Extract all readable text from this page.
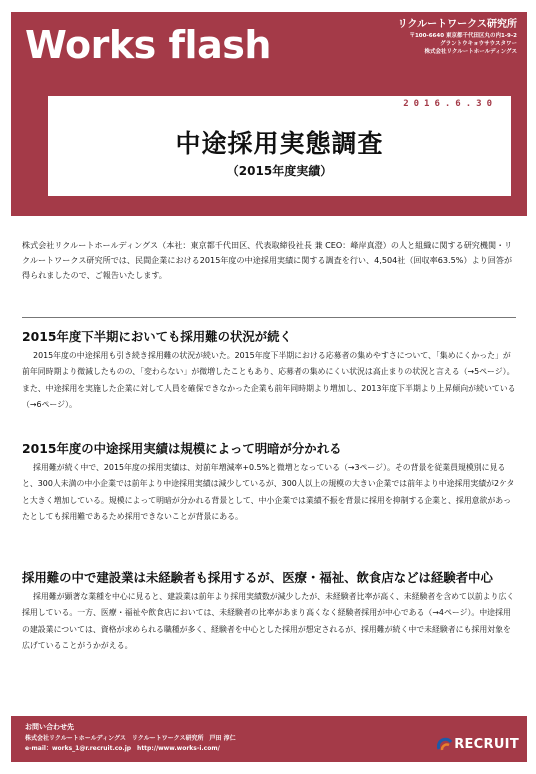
Works flash	リクルートワークス研究所
〒100-6640 東京都千代田区丸の内1-9-2
グラントウキョウサウスタワー
株式会社リクルートホールディングス
2016.6.30
中途採用実態調査
（2015年度実績）
株式会社リクルートホールディングス（本社：東京都千代田区、代表取締役社長 兼 CEO：峰岸真澄）の人と組織に関する研究機関・リクルートワークス研究所では、民間企業における2015年度の中途採用実績に関する調査を行い、4,504社（回収率63.5%）より回答が得られましたので、ご報告いたします。
2015年度下半期においても採用難の状況が続く

2015年度の中途採用も引き続き採用難の状況が続いた。2015年度下半期における応募者の集めやすさについて、「集めにくかった」が前年同時期より微減したものの、「変わらない」が微増したこともあり、応募者の集めにくい状況は高止まりの状況と言える（→5ページ）。また、中途採用を実施した企業に対して人員を確保できなかった企業も前年同時期より増加し、2013年度下半期より上昇傾向が続いている（→6ページ）。

2015年度の中途採用実績は規模によって明暗が分かれる

採用難が続く中で、2015年度の採用実績は、対前年増減率+0.5%と微増となっている（→3ページ）。その背景を従業員規模別に見ると、300人未満の中小企業では前年より中途採用実績は減少しているが、300人以上の規模の大きい企業では前年より中途採用実績が2ケタと大きく増加している。規模によって明暗が分かれる背景として、中小企業では業績不振を背景に採用を抑制する企業と、採用意欲があったとしても採用難であるため採用できないことが背景にある。

採用難の中で建設業は未経験者も採用するが、医療・福祉、飲食店などは経験者中心

採用難が顕著な業種を中心に見ると、建設業は前年より採用実績数が減少したが、未経験者比率が高く、未経験者を含めて以前より広く採用している。一方、医療・福祉や飲食店においては、未経験者の比率があまり高くなく経験者採用が中心である（→4ページ）。中途採用の建設業については、資格が求められる職種が多く、経験者を中心とした採用が想定されるが、採用難が続く中で未経験者にも採用対象を広げていることがうかがえる。

お問い合わせ先
株式会社リクルートホールディングス　リクルートワークス研究所　戸田 淳仁
e-mail：works_1@r.recruit.co.jp　http://www.works-i.com/	RECRUIT
